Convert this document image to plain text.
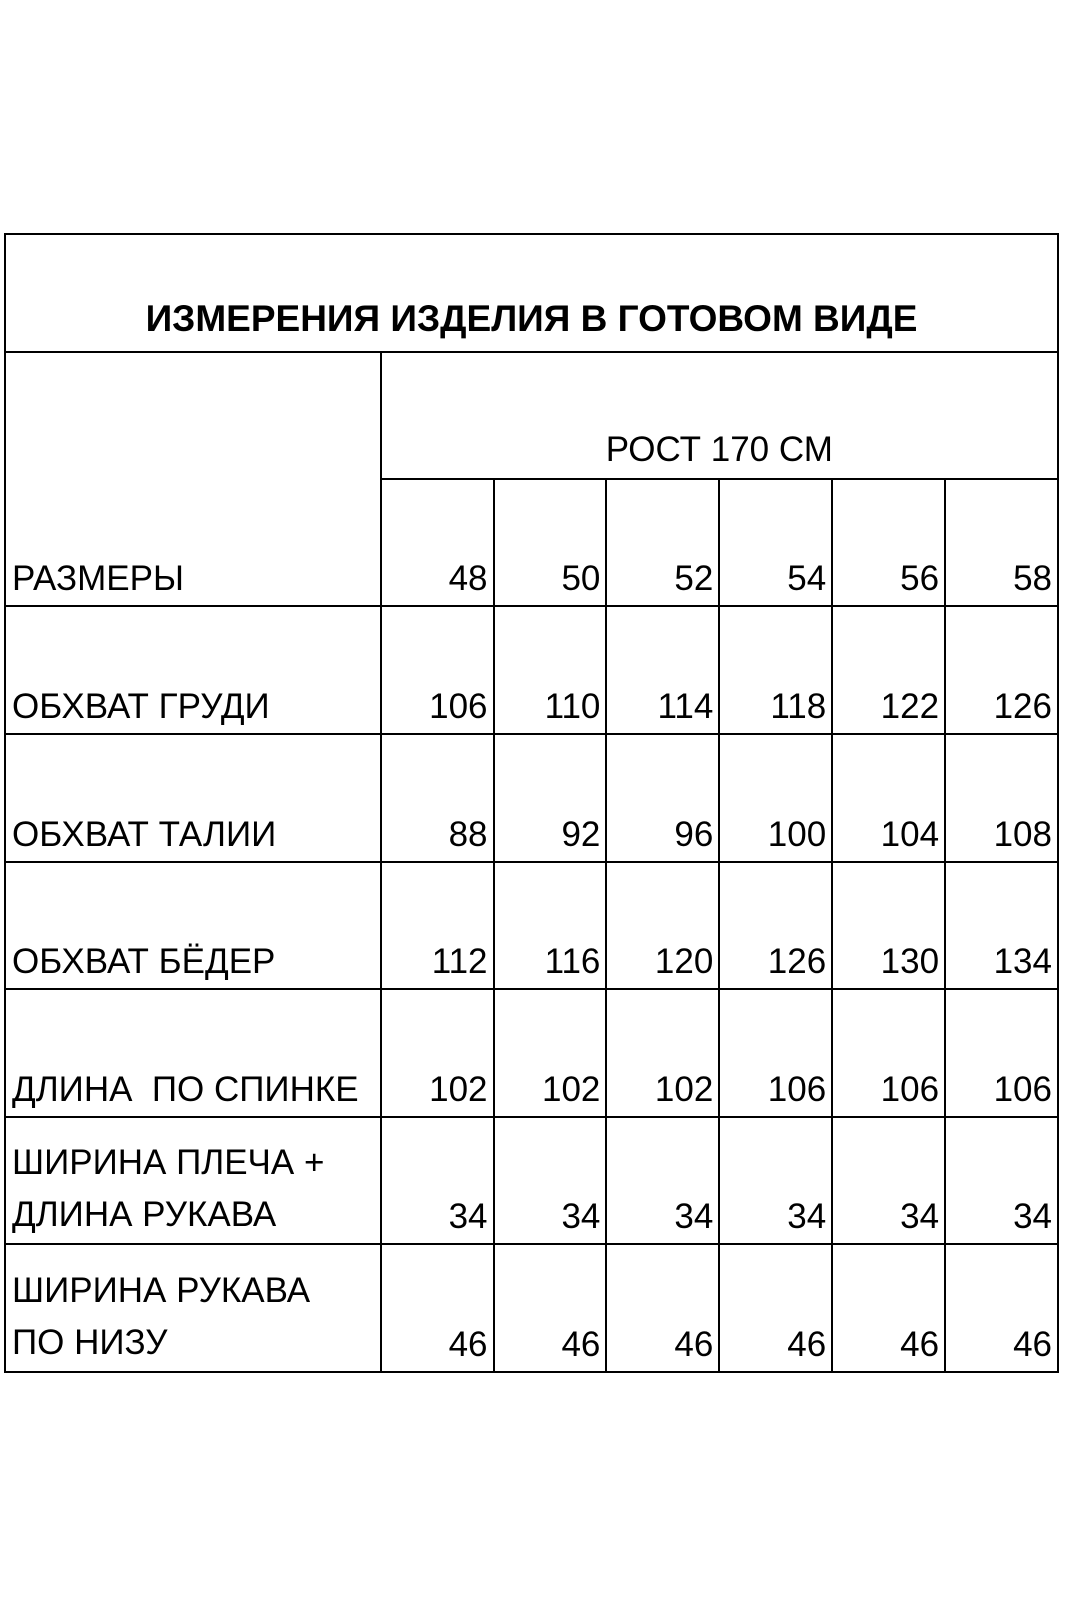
ИЗМЕРЕНИЯ ИЗДЕЛИЯ В ГОТОВОМ ВИДЕ						
РАЗМЕРЫ	РОСТ 170 СМ					
	48	50	52	54	56	58
ОБХВАТ ГРУДИ	106	110	114	118	122	126
ОБХВАТ ТАЛИИ	88	92	96	100	104	108
ОБХВАТ БЁДЕР	112	116	120	126	130	134
ДЛИНА  ПО СПИНКЕ	102	102	102	106	106	106

ШИРИНА ПЛЕЧА +
ДЛИНА РУКАВА	34	34	34	34	34	34

ШИРИНА РУКАВА
ПО НИЗУ	46	46	46	46	46	46
